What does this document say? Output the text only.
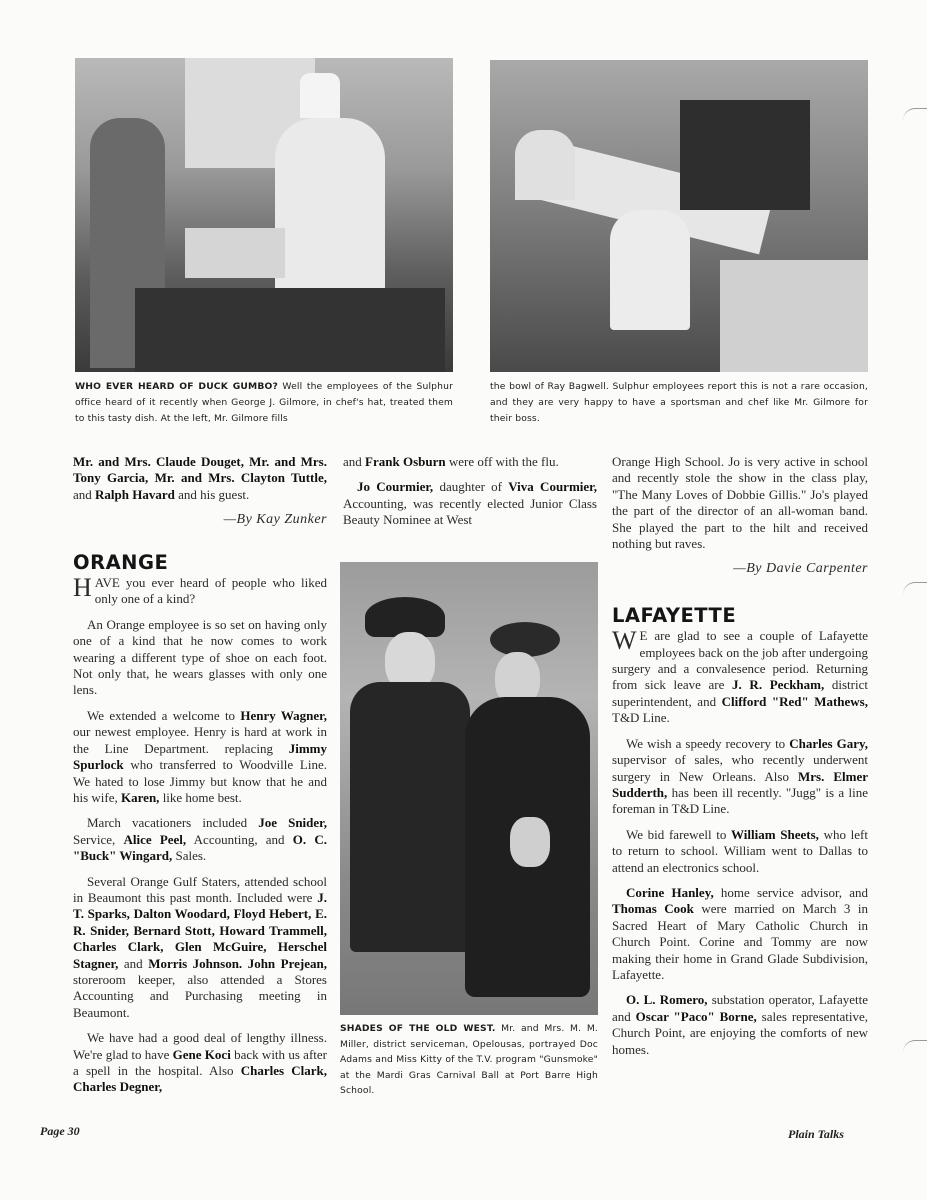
WHO EVER HEARD OF DUCK GUMBO? Well the employees of the Sulphur office heard of it recently when George J. Gilmore, in chef's hat, treated them to this tasty dish. At the left, Mr. Gilmore fills
the bowl of Ray Bagwell. Sulphur employees report this is not a rare occasion, and they are very happy to have a sportsman and chef like Mr. Gilmore for their boss.

Mr. and Mrs. Claude Douget, Mr. and Mrs. Tony Garcia, Mr. and Mrs. Clayton Tuttle, and Ralph Havard and his guest.

—By Kay Zunker
ORANGE

HAVE you ever heard of people who liked only one of a kind?

An Orange employee is so set on having only one of a kind that he now comes to work wearing a different type of shoe on each foot. Not only that, he wears glasses with only one lens.

We extended a welcome to Henry Wagner, our newest employee. Henry is hard at work in the Line Department. replacing Jimmy Spurlock who transferred to Woodville Line. We hated to lose Jimmy but know that he and his wife, Karen, like home best.

March vacationers included Joe Snider, Service, Alice Peel, Accounting, and O. C. "Buck" Wingard, Sales.

Several Orange Gulf Staters, attended school in Beaumont this past month. Included were J. T. Sparks, Dalton Woodard, Floyd Hebert, E. R. Snider, Bernard Stott, Howard Trammell, Charles Clark, Glen McGuire, Herschel Stagner, and Morris Johnson. John Prejean, storeroom keeper, also attended a Stores Accounting and Purchasing meeting in Beaumont.

We have had a good deal of lengthy illness. We're glad to have Gene Koci back with us after a spell in the hospital. Also Charles Clark, Charles Degner,

and Frank Osburn were off with the flu.

Jo Courmier, daughter of Viva Courmier, Accounting, was recently elected Junior Class Beauty Nominee at West

SHADES OF THE OLD WEST. Mr. and Mrs. M. M. Miller, district serviceman, Opelousas, portrayed Doc Adams and Miss Kitty of the T.V. program "Gunsmoke" at the Mardi Gras Carnival Ball at Port Barre High School.

Orange High School. Jo is very active in school and recently stole the show in the class play, "The Many Loves of Dobbie Gillis." Jo's played the part of the director of an all-woman band. She played the part to the hilt and received nothing but raves.

—By Davie Carpenter
LAFAYETTE

W E are glad to see a couple of Lafayette employees back on the job after undergoing surgery and a convalesence period. Returning from sick leave are J. R. Peckham, district superintendent, and Clifford "Red" Mathews, T&D Line.

We wish a speedy recovery to Charles Gary, supervisor of sales, who recently underwent surgery in New Orleans. Also Mrs. Elmer Sudderth, has been ill recently. "Jugg" is a line foreman in T&D Line.

We bid farewell to William Sheets, who left to return to school. William went to Dallas to attend an electronics school.

Corine Hanley, home service advisor, and Thomas Cook were married on March 3 in Sacred Heart of Mary Catholic Church in Church Point. Corine and Tommy are now making their home in Grand Glade Subdivision, Lafayette.

O. L. Romero, substation operator, Lafayette and Oscar "Paco" Borne, sales representative, Church Point, are enjoying the comforts of new homes.

Page 30	Plain Talks
